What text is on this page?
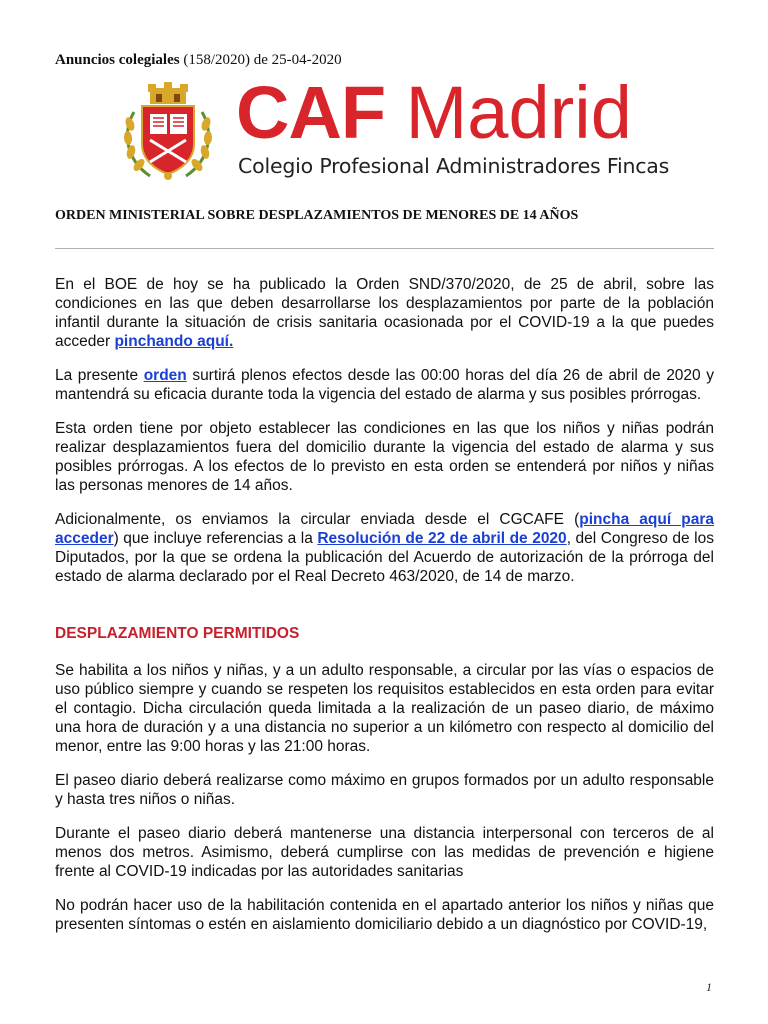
Anuncios colegiales (158/2020) de 25-04-2020
CAF Madrid
Colegio Profesional Administradores Fincas
ORDEN MINISTERIAL SOBRE DESPLAZAMIENTOS DE MENORES DE 14 AÑOS

En el BOE de hoy se ha publicado la Orden SND/370/2020, de 25 de abril, sobre las condiciones en las que deben desarrollarse los desplazamientos por parte de la población infantil durante la situación de crisis sanitaria ocasionada por el COVID-19 a la que puedes acceder pinchando aquí.

La presente orden surtirá plenos efectos desde las 00:00 horas del día 26 de abril de 2020 y mantendrá su eficacia durante toda la vigencia del estado de alarma y sus posibles prórrogas.

Esta orden tiene por objeto establecer las condiciones en las que los niños y niñas podrán realizar desplazamientos fuera del domicilio durante la vigencia del estado de alarma y sus posibles prórrogas. A los efectos de lo previsto en esta orden se entenderá por niños y niñas las personas menores de 14 años.

Adicionalmente, os enviamos la circular enviada desde el CGCAFE (pincha aquí para acceder) que incluye referencias a la Resolución de 22 de abril de 2020, del Congreso de los Diputados, por la que se ordena la publicación del Acuerdo de autorización de la prórroga del estado de alarma declarado por el Real Decreto 463/2020, de 14 de marzo.

DESPLAZAMIENTO PERMITIDOS

Se habilita a los niños y niñas, y a un adulto responsable, a circular por las vías o espacios de uso público siempre y cuando se respeten los requisitos establecidos en esta orden para evitar el contagio. Dicha circulación queda limitada a la realización de un paseo diario, de máximo una hora de duración y a una distancia no superior a un kilómetro con respecto al domicilio del menor, entre las 9:00 horas y las 21:00 horas.

El paseo diario deberá realizarse como máximo en grupos formados por un adulto responsable y hasta tres niños o niñas.

Durante el paseo diario deberá mantenerse una distancia interpersonal con terceros de al menos dos metros. Asimismo, deberá cumplirse con las medidas de prevención e higiene frente al COVID-19 indicadas por las autoridades sanitarias

No podrán hacer uso de la habilitación contenida en el apartado anterior los niños y niñas que presenten síntomas o estén en aislamiento domiciliario debido a un diagnóstico por COVID-19,

1
